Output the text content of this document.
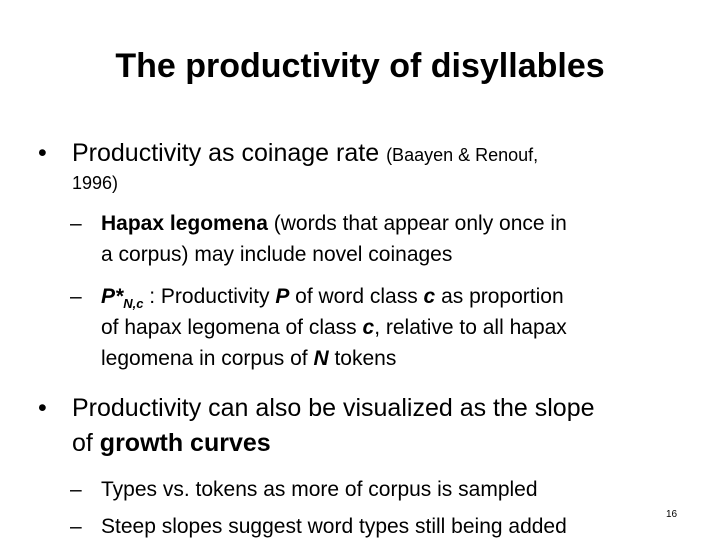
The productivity of disyllables
• Productivity as coinage rate (Baayen & Renouf,
1996)
– Hapax legomena (words that appear only once in
a corpus) may include novel coinages
– $P*_{N,c}$ : Productivity P of word class c as proportion
of hapax legomena of class c, relative to all hapax
legomena in corpus of N tokens
• Productivity can also be visualized as the slope
of growth curves
– Types vs. tokens as more of corpus is sampled
– Steep slopes suggest word types still being added
16
